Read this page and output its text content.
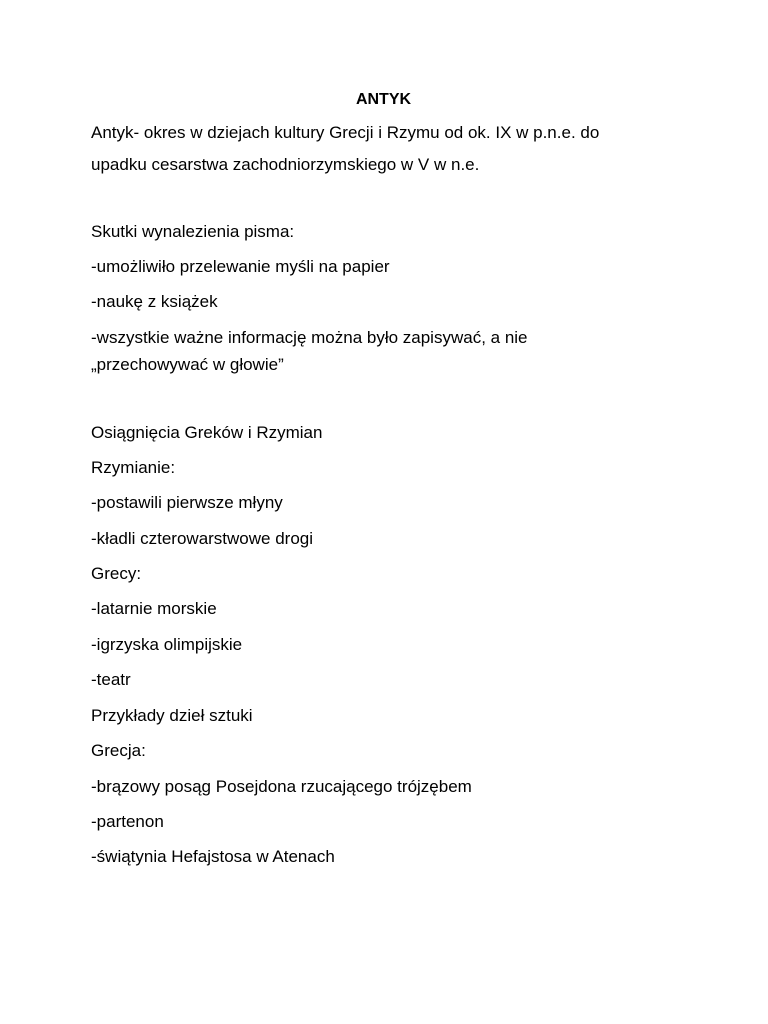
ANTYK
Antyk- okres w dziejach kultury Grecji i Rzymu od ok. IX w p.n.e. do
upadku cesarstwa zachodniorzymskiego w V w n.e.
Skutki wynalezienia pisma:
-umożliwiło przelewanie myśli na papier
-naukę z książek
-wszystkie ważne informację można było zapisywać, a nie
„przechowywać w głowie”
Osiągnięcia Greków i Rzymian
Rzymianie:
-postawili pierwsze młyny
-kładli czterowarstwowe drogi
Grecy:
-latarnie morskie
-igrzyska olimpijskie
-teatr
Przykłady dzieł sztuki
Grecja:
-brązowy posąg Posejdona rzucającego trójzębem
-partenon
-świątynia Hefajstosa w Atenach
